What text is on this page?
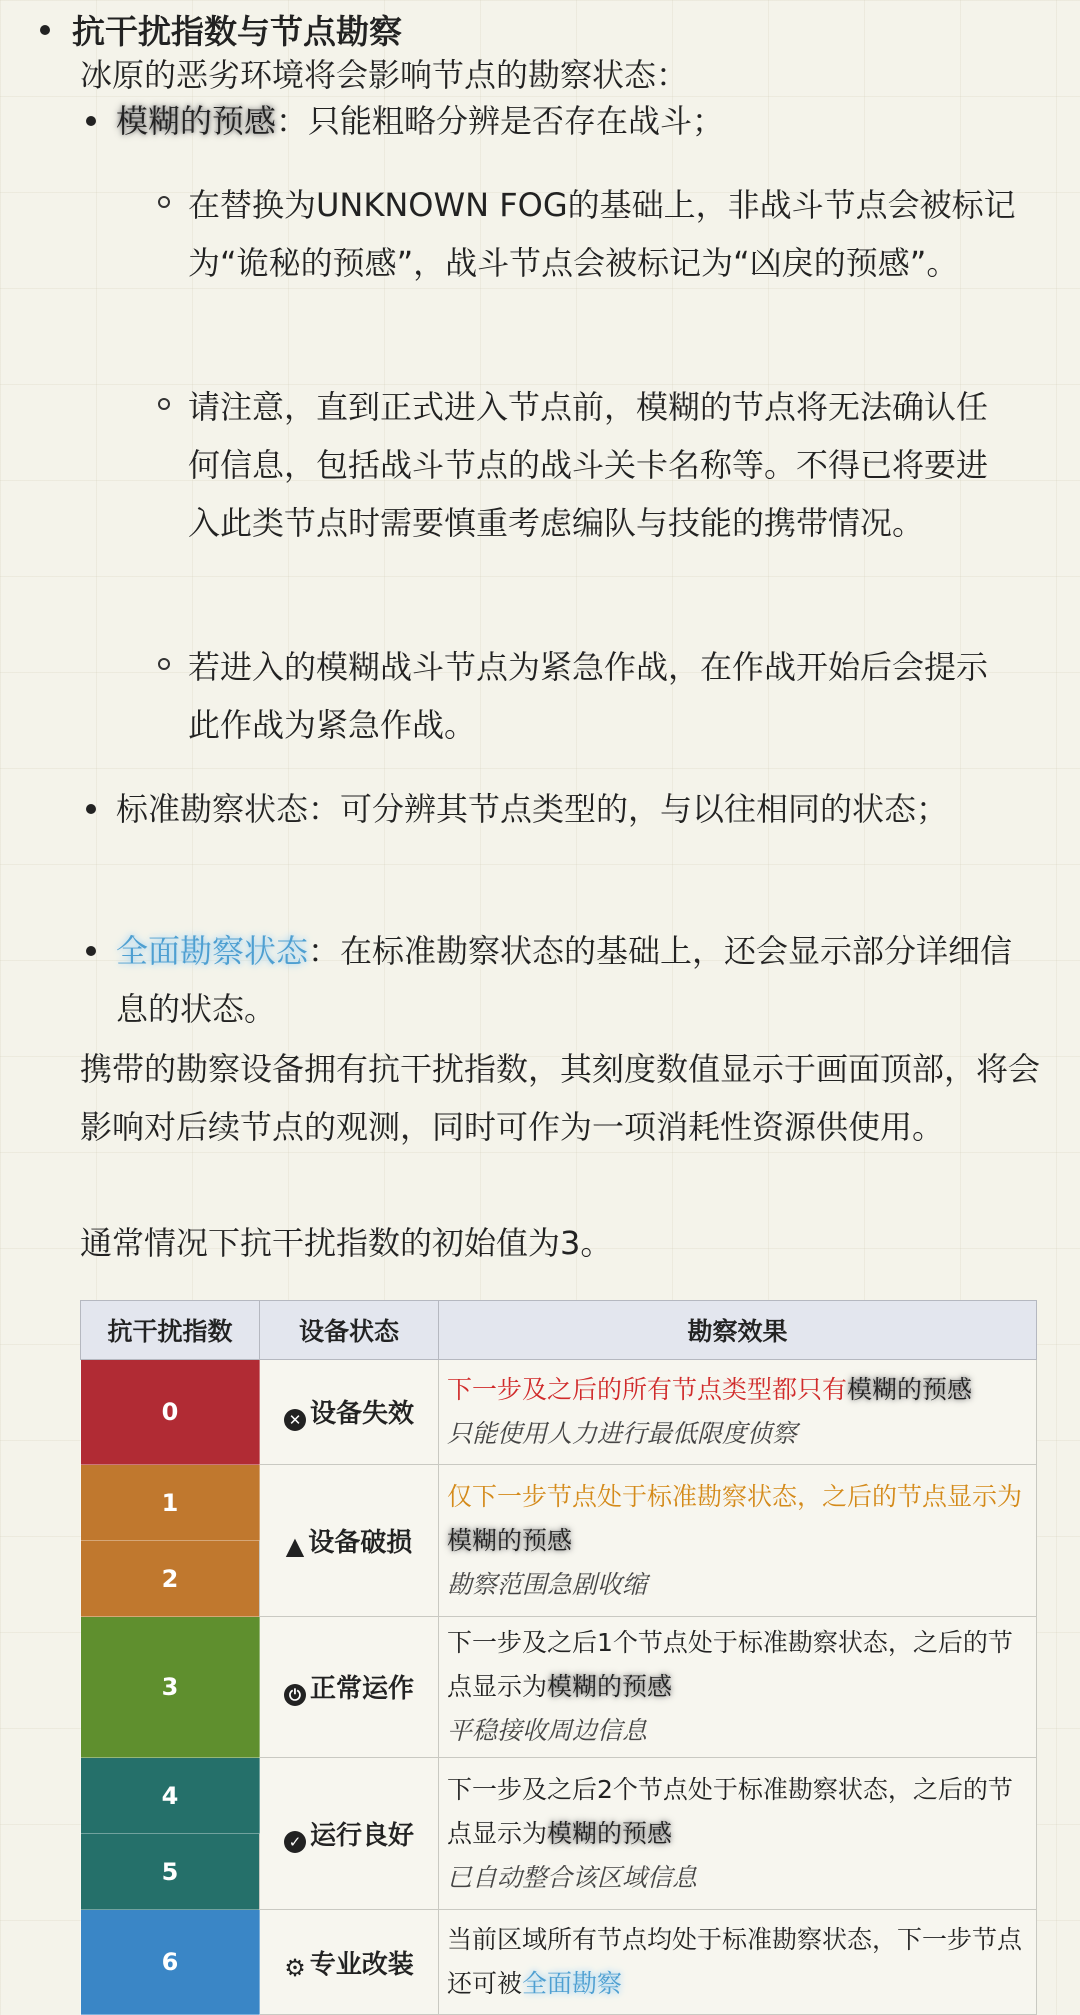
抗干扰指数与节点勘察
冰原的恶劣环境将会影响节点的勘察状态：
模糊的预感：只能粗略分辨是否存在战斗；
在替换为UNKNOWN FOG的基础上，非战斗节点会被标记为“诡秘的预感”，战斗节点会被标记为“凶戾的预感”。
请注意，直到正式进入节点前，模糊的节点将无法确认任何信息，包括战斗节点的战斗关卡名称等。不得已将要进入此类节点时需要慎重考虑编队与技能的携带情况。
若进入的模糊战斗节点为紧急作战，在作战开始后会提示此作战为紧急作战。
标准勘察状态：可分辨其节点类型的，与以往相同的状态；
全面勘察状态：在标准勘察状态的基础上，还会显示部分详细信息的状态。
携带的勘察设备拥有抗干扰指数，其刻度数值显示于画面顶部，将会影响对后续节点的观测，同时可作为一项消耗性资源供使用。
通常情况下抗干扰指数的初始值为3。
抗干扰指数	设备状态	勘察效果
0	✕ 设备失效	下一步及之后的所有节点类型都只有模糊的预感
只能使用人力进行最低限度侦察

1	▲ 设备破损	仅下一步节点处于标准勘察状态，之后的节点显示为模糊的预感
勘察范围急剧收缩

2		
3	⏻ 正常运作	下一步及之后1个节点处于标准勘察状态，之后的节点显示为模糊的预感
平稳接收周边信息

4	✓ 运行良好	下一步及之后2个节点处于标准勘察状态，之后的节点显示为模糊的预感
已自动整合该区域信息

5		
6	⚙ 专业改装	当前区域所有节点均处于标准勘察状态，下一步节点还可被全面勘察
